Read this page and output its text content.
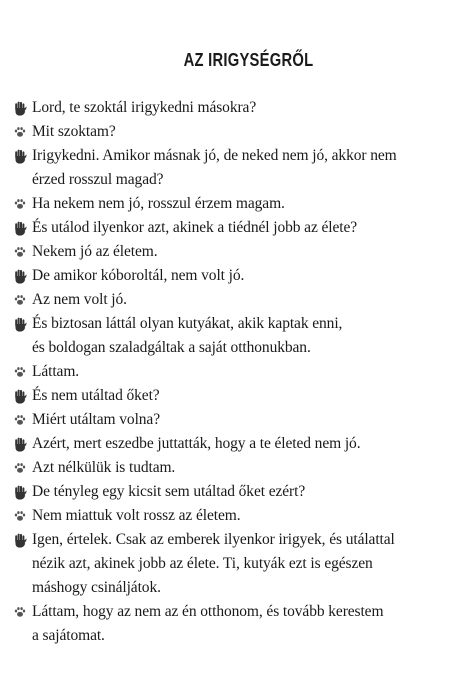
AZ IRIGYSÉGRŐL
Lord, te szoktál irigykedni másokra?
Mit szoktam?
Irigykedni. Amikor másnak jó, de neked nem jó, akkor nem
érzed rosszul magad?
Ha nekem nem jó, rosszul érzem magam.
És utálod ilyenkor azt, akinek a tiédnél jobb az élete?
Nekem jó az életem.
De amikor kóboroltál, nem volt jó.
Az nem volt jó.
És biztosan láttál olyan kutyákat, akik kaptak enni,
és boldogan szaladgáltak a saját otthonukban.
Láttam.
És nem utáltad őket?
Miért utáltam volna?
Azért, mert eszedbe juttatták, hogy a te életed nem jó.
Azt nélkülük is tudtam.
De tényleg egy kicsit sem utáltad őket ezért?
Nem miattuk volt rossz az életem.
Igen, értelek. Csak az emberek ilyenkor irigyek, és utálattal
nézik azt, akinek jobb az élete. Ti, kutyák ezt is egészen
máshogy csináljátok.
Láttam, hogy az nem az én otthonom, és tovább kerestem
a sajátomat.
